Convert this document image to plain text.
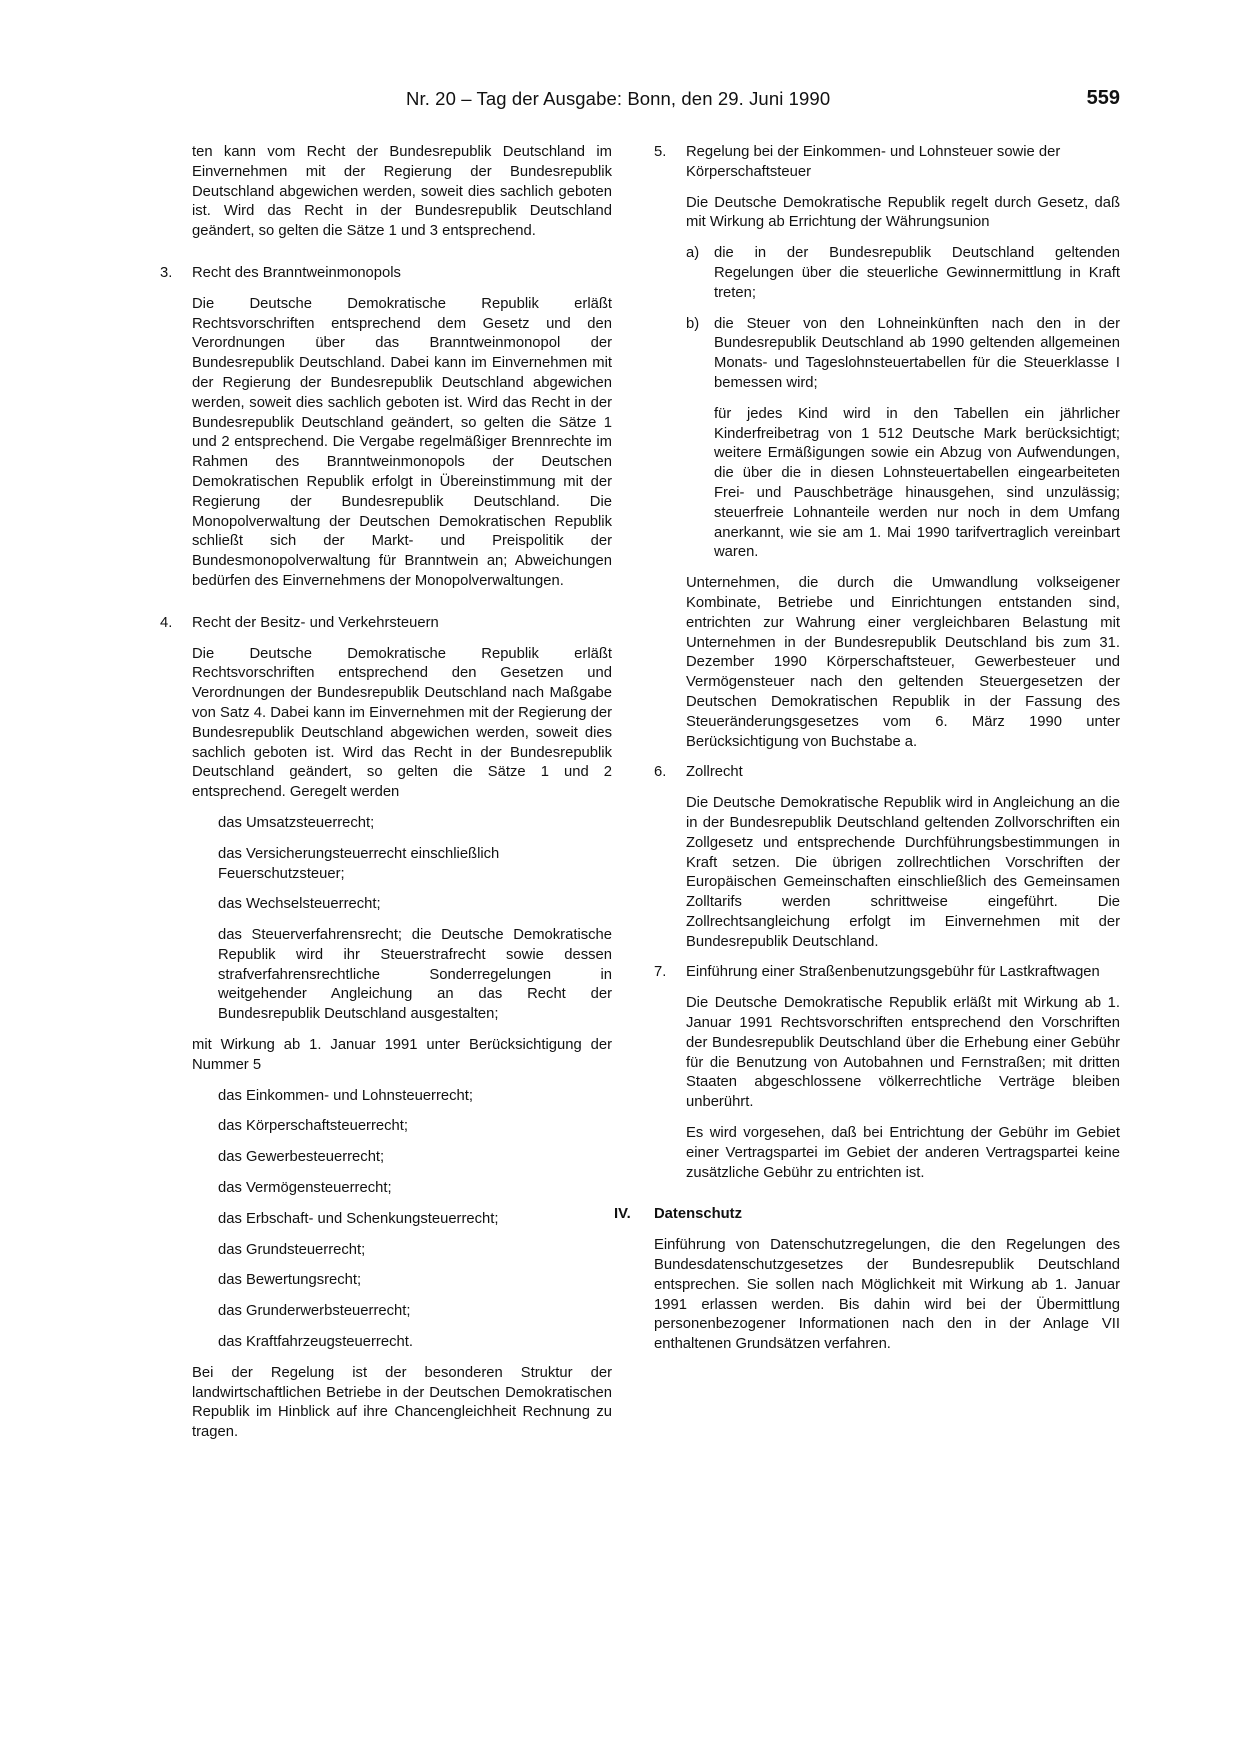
Nr. 20 – Tag der Ausgabe: Bonn, den 29. Juni 1990	559

ten kann vom Recht der Bundesrepublik Deutschland im Einvernehmen mit der Regierung der Bundesrepublik Deutschland abgewichen werden, soweit dies sachlich geboten ist. Wird das Recht in der Bundesrepublik Deutschland geändert, so gelten die Sätze 1 und 3 entsprechend.

3. Recht des Branntweinmonopols

Die Deutsche Demokratische Republik erläßt Rechtsvorschriften entsprechend dem Gesetz und den Verordnungen über das Branntweinmonopol der Bundesrepublik Deutschland. Dabei kann im Einvernehmen mit der Regierung der Bundesrepublik Deutschland abgewichen werden, soweit dies sachlich geboten ist. Wird das Recht in der Bundesrepublik Deutschland geändert, so gelten die Sätze 1 und 2 entsprechend. Die Vergabe regelmäßiger Brennrechte im Rahmen des Branntweinmonopols der Deutschen Demokratischen Republik erfolgt in Übereinstimmung mit der Regierung der Bundesrepublik Deutschland. Die Monopolverwaltung der Deutschen Demokratischen Republik schließt sich der Markt- und Preispolitik der Bundesmonopolverwaltung für Branntwein an; Abweichungen bedürfen des Einvernehmens der Monopolverwaltungen.

4. Recht der Besitz- und Verkehrsteuern

Die Deutsche Demokratische Republik erläßt Rechtsvorschriften entsprechend den Gesetzen und Verordnungen der Bundesrepublik Deutschland nach Maßgabe von Satz 4. Dabei kann im Einvernehmen mit der Regierung der Bundesrepublik Deutschland abgewichen werden, soweit dies sachlich geboten ist. Wird das Recht in der Bundesrepublik Deutschland geändert, so gelten die Sätze 1 und 2 entsprechend. Geregelt werden

das Umsatzsteuerrecht;

das Versicherungsteuerrecht einschließlich Feuerschutzsteuer;

das Wechselsteuerrecht;

das Steuerverfahrensrecht; die Deutsche Demokratische Republik wird ihr Steuerstrafrecht sowie dessen strafverfahrensrechtliche Sonderregelungen in weitgehender Angleichung an das Recht der Bundesrepublik Deutschland ausgestalten;

mit Wirkung ab 1. Januar 1991 unter Berücksichtigung der Nummer 5

das Einkommen- und Lohnsteuerrecht;

das Körperschaftsteuerrecht;

das Gewerbesteuerrecht;

das Vermögensteuerrecht;

das Erbschaft- und Schenkungsteuerrecht;

das Grundsteuerrecht;

das Bewertungsrecht;

das Grunderwerbsteuerrecht;

das Kraftfahrzeugsteuerrecht.

Bei der Regelung ist der besonderen Struktur der landwirtschaftlichen Betriebe in der Deutschen Demokratischen Republik im Hinblick auf ihre Chancengleichheit Rechnung zu tragen.

5. Regelung bei der Einkommen- und Lohnsteuer sowie der Körperschaftsteuer

Die Deutsche Demokratische Republik regelt durch Gesetz, daß mit Wirkung ab Errichtung der Währungsunion

a) die in der Bundesrepublik Deutschland geltenden Regelungen über die steuerliche Gewinnermittlung in Kraft treten;

b) die Steuer von den Lohneinkünften nach den in der Bundesrepublik Deutschland ab 1990 geltenden allgemeinen Monats- und Tageslohnsteuertabellen für die Steuerklasse I bemessen wird;

für jedes Kind wird in den Tabellen ein jährlicher Kinderfreibetrag von 1 512 Deutsche Mark berücksichtigt; weitere Ermäßigungen sowie ein Abzug von Aufwendungen, die über die in diesen Lohnsteuertabellen eingearbeiteten Frei- und Pauschbeträge hinausgehen, sind unzulässig; steuerfreie Lohnanteile werden nur noch in dem Umfang anerkannt, wie sie am 1. Mai 1990 tarifvertraglich vereinbart waren.

Unternehmen, die durch die Umwandlung volkseigener Kombinate, Betriebe und Einrichtungen entstanden sind, entrichten zur Wahrung einer vergleichbaren Belastung mit Unternehmen in der Bundesrepublik Deutschland bis zum 31. Dezember 1990 Körperschaftsteuer, Gewerbesteuer und Vermögensteuer nach den geltenden Steuergesetzen der Deutschen Demokratischen Republik in der Fassung des Steueränderungsgesetzes vom 6. März 1990 unter Berücksichtigung von Buchstabe a.

6. Zollrecht

Die Deutsche Demokratische Republik wird in Angleichung an die in der Bundesrepublik Deutschland geltenden Zollvorschriften ein Zollgesetz und entsprechende Durchführungsbestimmungen in Kraft setzen. Die übrigen zollrechtlichen Vorschriften der Europäischen Gemeinschaften einschließlich des Gemeinsamen Zolltarifs werden schrittweise eingeführt. Die Zollrechtsangleichung erfolgt im Einvernehmen mit der Bundesrepublik Deutschland.

7. Einführung einer Straßenbenutzungsgebühr für Lastkraftwagen

Die Deutsche Demokratische Republik erläßt mit Wirkung ab 1. Januar 1991 Rechtsvorschriften entsprechend den Vorschriften der Bundesrepublik Deutschland über die Erhebung einer Gebühr für die Benutzung von Autobahnen und Fernstraßen; mit dritten Staaten abgeschlossene völkerrechtliche Verträge bleiben unberührt.

Es wird vorgesehen, daß bei Entrichtung der Gebühr im Gebiet einer Vertragspartei im Gebiet der anderen Vertragspartei keine zusätzliche Gebühr zu entrichten ist.

IV. Datenschutz

Einführung von Datenschutzregelungen, die den Regelungen des Bundesdatenschutzgesetzes der Bundesrepublik Deutschland entsprechen. Sie sollen nach Möglichkeit mit Wirkung ab 1. Januar 1991 erlassen werden. Bis dahin wird bei der Übermittlung personenbezogener Informationen nach den in der Anlage VII enthaltenen Grundsätzen verfahren.
